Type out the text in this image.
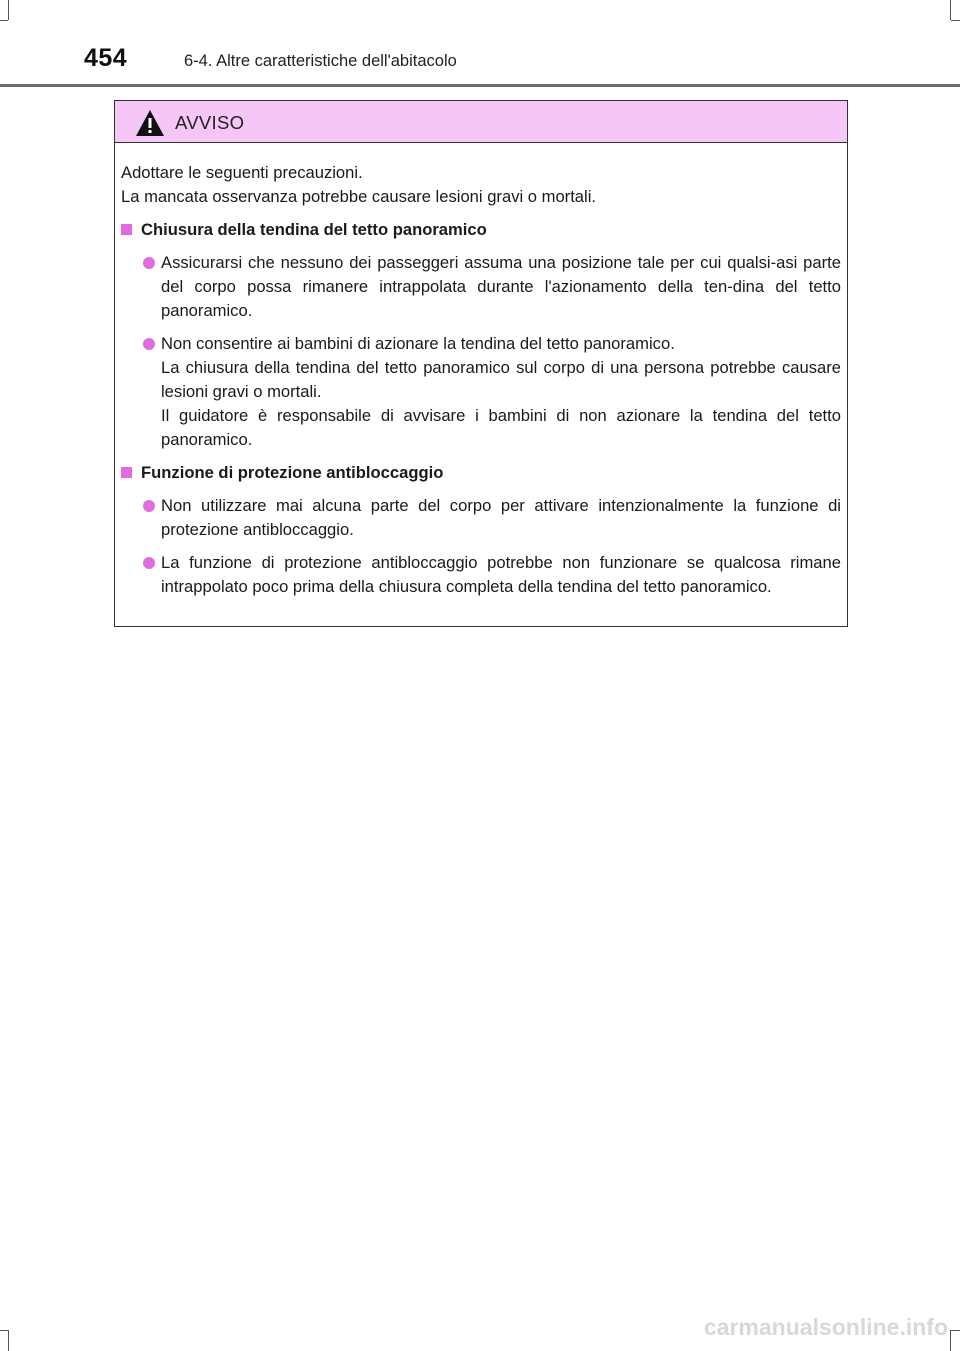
454	6-4. Altre caratteristiche dell'abitacolo
AVVISO
Adottare le seguenti precauzioni.
La mancata osservanza potrebbe causare lesioni gravi o mortali.
Chiusura della tendina del tetto panoramico
Assicurarsi che nessuno dei passeggeri assuma una posizione tale per cui qualsi-asi parte del corpo possa rimanere intrappolata durante l'azionamento della ten-dina del tetto panoramico.
Non consentire ai bambini di azionare la tendina del tetto panoramico.
La chiusura della tendina del tetto panoramico sul corpo di una persona potrebbe causare lesioni gravi o mortali.
Il guidatore è responsabile di avvisare i bambini di non azionare la tendina del tetto panoramico.
Funzione di protezione antibloccaggio
Non utilizzare mai alcuna parte del corpo per attivare intenzionalmente la funzione di protezione antibloccaggio.
La funzione di protezione antibloccaggio potrebbe non funzionare se qualcosa rimane intrappolato poco prima della chiusura completa della tendina del tetto panoramico.
carmanualsonline.info
